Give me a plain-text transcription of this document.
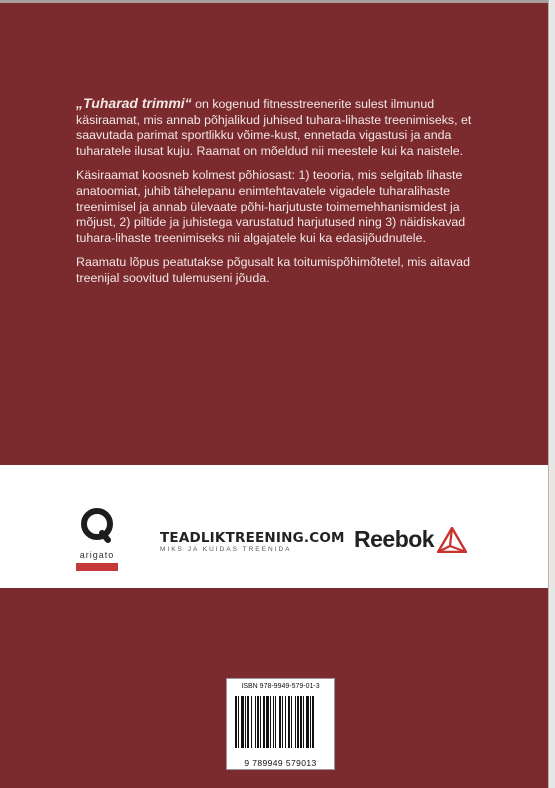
„Tuharad trimmi“ on kogenud fitnesstreenerite sulest ilmunud käsiraamat, mis annab põhjalikud juhised tuhara-lihaste treenimiseks, et saavutada parimat sportlikku võime-kust, ennetada vigastusi ja anda tuharatele ilusat kuju. Raamat on mõeldud nii meestele kui ka naistele.

Käsiraamat koosneb kolmest põhiosast: 1) teooria, mis selgitab lihaste anatoomiat, juhib tähelepanu enimtehtavatele vigadele tuharalihaste treenimisel ja annab ülevaate põhi-harjutuste toimemehhanismidest ja mõjust, 2) piltide ja juhistega varustatud harjutused ning 3) näidiskavad tuhara-lihaste treenimiseks nii algajatele kui ka edasijõudnutele.

Raamatu lõpus peatutakse põgusalt ka toitumispõhimõtetel, mis aitavad treenijal soovitud tulemuseni jõuda.

arigato
TEADLIKTREENING.COM
MIKS JA KUIDAS TREENIDA	Reebok
ISBN 978-9949-579-01-3
9 789949 579013
